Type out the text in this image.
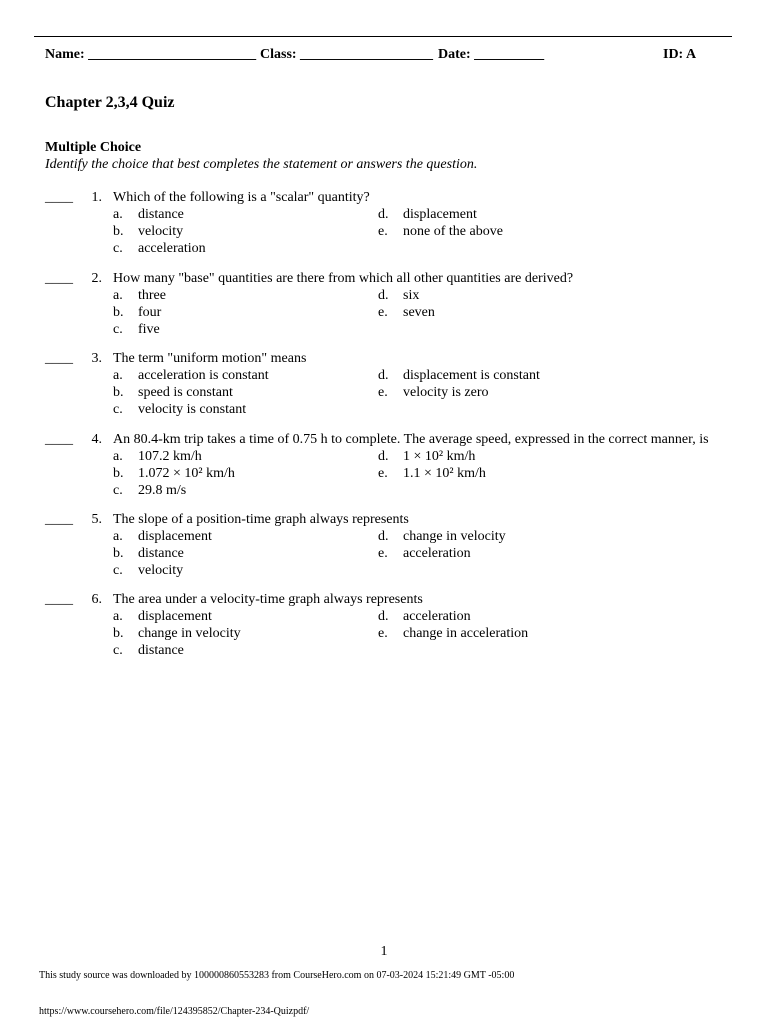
Name: ________________________ Class: ___________________ Date: __________	ID: A
Chapter 2,3,4 Quiz
Multiple Choice
Identify the choice that best completes the statement or answers the question.
____ 1. Which of the following is a "scalar" quantity?
a. distance
b. velocity
c. acceleration
d. displacement
e. none of the above
____ 2. How many "base" quantities are there from which all other quantities are derived?
a. three
b. four
c. five
d. six
e. seven
____ 3. The term "uniform motion" means
a. acceleration is constant
b. speed is constant
c. velocity is constant
d. displacement is constant
e. velocity is zero
____ 4. An 80.4-km trip takes a time of 0.75 h to complete. The average speed, expressed in the correct manner, is
a. 107.2 km/h
b. 1.072 × 10² km/h
c. 29.8 m/s
d. 1 × 10² km/h
e. 1.1 × 10² km/h
____ 5. The slope of a position-time graph always represents
a. displacement
b. distance
c. velocity
d. change in velocity
e. acceleration
____ 6. The area under a velocity-time graph always represents
a. displacement
b. change in velocity
c. distance
d. acceleration
e. change in acceleration
1
This study source was downloaded by 100000860553283 from CourseHero.com on 07-03-2024 15:21:49 GMT -05:00
https://www.coursehero.com/file/124395852/Chapter-234-Quizpdf/
